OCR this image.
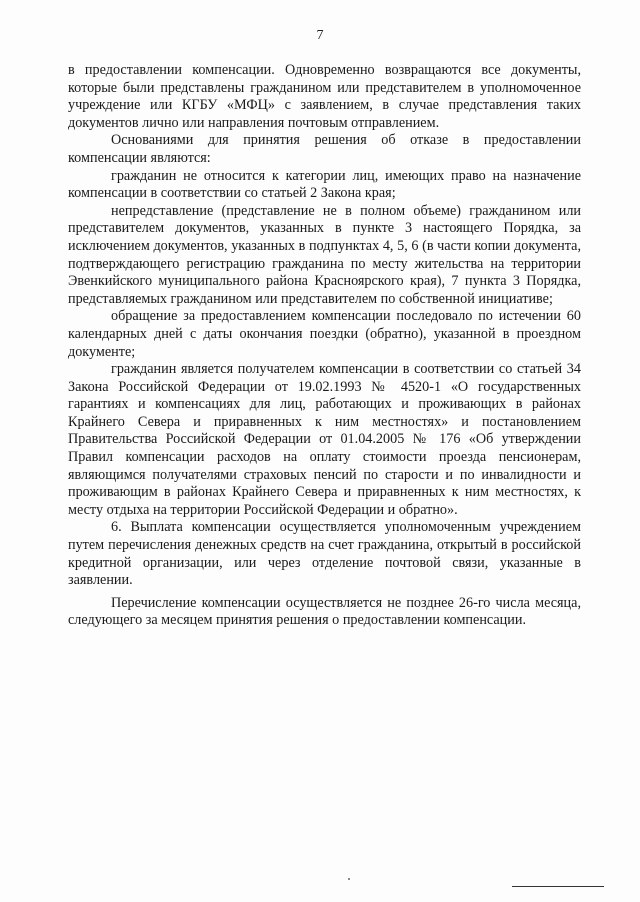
7

в предоставлении компенсации. Одновременно возвращаются все документы, которые были представлены гражданином или представителем в уполномоченное учреждение или КГБУ «МФЦ» с заявлением, в случае представления таких документов лично или направления почтовым отправлением.

Основаниями для принятия решения об отказе в предоставлении компенсации являются:

гражданин не относится к категории лиц, имеющих право на назначение компенсации в соответствии со статьей 2 Закона края;

непредставление (представление не в полном объеме) гражданином или представителем документов, указанных в пункте 3 настоящего Порядка, за исключением документов, указанных в подпунктах 4, 5, 6 (в части копии документа, подтверждающего регистрацию гражданина по месту жительства на территории Эвенкийского муниципального района Красноярского края), 7 пункта 3 Порядка, представляемых гражданином или представителем по собственной инициативе;

обращение за предоставлением компенсации последовало по истечении 60 календарных дней с даты окончания поездки (обратно), указанной в проездном документе;

гражданин является получателем компенсации в соответствии со статьей 34 Закона Российской Федерации от 19.02.1993 № 4520-1 «О государственных гарантиях и компенсациях для лиц, работающих и проживающих в районах Крайнего Севера и приравненных к ним местностях» и постановлением Правительства Российской Федерации от 01.04.2005 № 176 «Об утверждении Правил компенсации расходов на оплату стоимости проезда пенсионерам, являющимся получателями страховых пенсий по старости и по инвалидности и проживающим в районах Крайнего Севера и приравненных к ним местностях, к месту отдыха на территории Российской Федерации и обратно».

6. Выплата компенсации осуществляется уполномоченным учреждением путем перечисления денежных средств на счет гражданина, открытый в российской кредитной организации, или через отделение почтовой связи, указанные в заявлении.

Перечисление компенсации осуществляется не позднее 26-го числа месяца, следующего за месяцем принятия решения о предоставлении компенсации.
